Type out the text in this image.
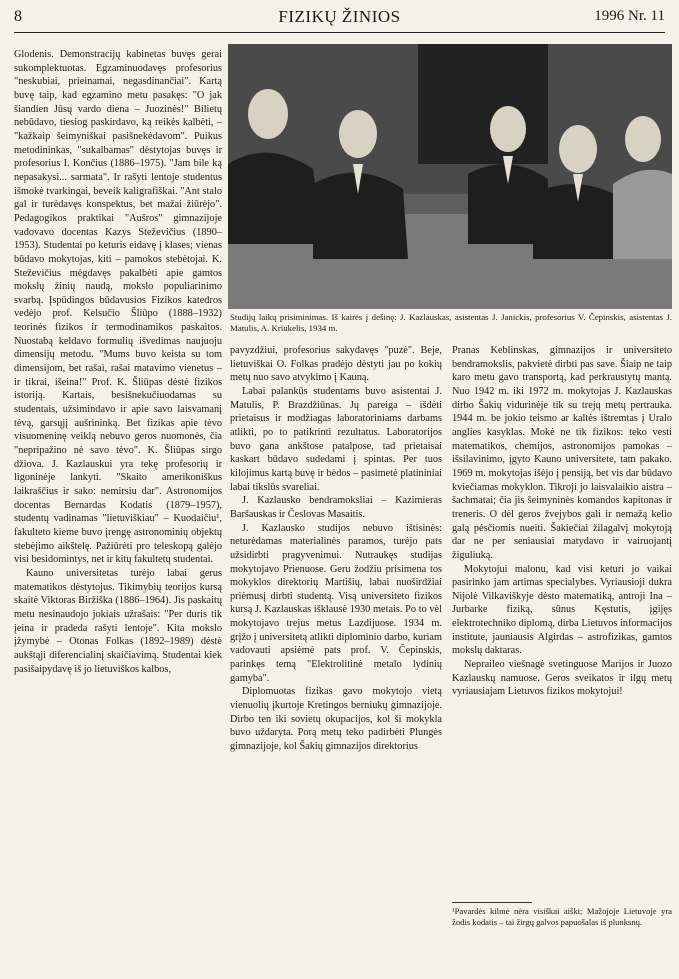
8	FIZIKŲ ŽINIOS	1996 Nr. 11

Glodenis. Demonstracijų kabinetas buvęs gerai sukomplektuotas. Egzaminuodavęs profesorius "neskubiai, prieinamai, negasdinančiai". Kartą buvę taip, kad egzamino metu pasakęs: "O jak šiandien Jūsų vardo diena – Juozinės!" Bilietų nebūdavo, tiesiog paskirdavo, ką reikės kalbėti, – "kažkaip šeimyniškai pasišnekėdavom". Puikus metodininkas, "sukalbamas" dėstytojas buvęs ir profesorius I. Končius (1886–1975). "Jam bile ką nepasakysi... sarmata". Ir rašyti lentoje studentus išmokė tvarkingai, beveik kaligrafiškai. "Ant stalo gal ir turėdavęs konspektus, bet mažai žiūrėjo". Pedagogikos praktikai "Aušros" gimnazijoje vadovavo docentas Kazys Steževičius (1890–1953). Studentai po keturis eidavę į klases; vienas būdavo mokytojas, kiti – pamokos stebėtojai. K. Steževičius mėgdavęs pakalbėti apie gamtos mokslų žinių naudą, mokslo populiarinimo svarbą. Įspūdingos būdavusios Fizikos katedros vedėjo prof. Kelsučio Šliūpo (1888–1932) teorinės fizikos ir termodinamikos paskaitos. Nuostabą keldavo formulių išvedimas naujuoju dimensijų metodu. "Mums buvo keista su tom dimensijom, bet rašai, rašai matavimo vienetus – ir tikrai, išeina!" Prof. K. Šliūpas dėstė fizikos istoriją. Kartais, besišnekučiuodamas su studentais, užsimindavo ir apie savo laisvamanį tėvą, garsųjį aušrininką. Bet fizikas apie tėvo visuomeninę veiklą nebuvo geros nuomonės, čia "nepripažino nė savo tėvo". K. Šliūpas sirgo džiova. J. Kazlauskui yra tekę profesorių ir ligoninėje lankyti. "Skaito amerikoniškus laikraščius ir sako: nemirsiu dar". Astronomijos docentas Bernardas Kodatis (1879–1957), studentų vadinamas "lietuviškiau" – Kuodaičiu¹, fakulteto kieme buvo įrengę astronominių objektų stebėjimo aikštelę. Pažiūrėti pro teleskopą galėjo visi besidomintys, net ir kitų fakultetų studentai.

Kauno universitetas turėjo labai gerus matematikos dėstytojus. Tikimybių teorijos kursą skaitė Viktoras Biržiška (1886–1964). Jis paskaitų metu nesinaudojo jokiais užrašais: "Per duris tik įeina ir pradeda rašyti lentoje". Kita mokslo įžymybė – Otonas Folkas (1892–1989) dėstė aukštąji diferencialinį skaičiavimą. Studentai kiek pasišaipydavę iš jo lietuviškos kalbos,

Studijų laikų prisiminimas. Iš kairės į dešinę: J. Kazlauskas, asistentas J. Janickis, profesorius V. Čepinskis, asistentas J. Matulis, A. Kriukelis, 1934 m.

pavyzdžiui, profesorius sakydavęs "puzė". Beje, lietuviškai O. Folkas pradėjo dėstyti jau po kokių metų nuo savo atvykimo į Kauną.

Labai palankūs studentams buvo asistentai J. Matulis, P. Brazdžiūnas. Jų pareiga – išdėti prietaisus ir modžiagas laboratoriniams darbams atlikti, po to patikrinti rezultatus. Laboratorijos buvo gana ankštose patalpose, tad prietaisai kaskart būdavo sudedami į spintas. Per tuos kilojimus kartą buvę ir bėdos – pasimetė platininiai labai tikslūs svareliai.

J. Kazlausko bendramoksliai – Kazimieras Baršauskas ir Česlovas Masaitis.

J. Kazlausko studijos nebuvo ištisinės: neturėdamas materialinės paramos, turėjo pats užsidirbti pragyvenimui. Nutraukęs studijas mokytojavo Prienuose. Geru žodžiu prisimena tos mokyklos direktorių Martišių, labai nuoširdžiai priėmusį dirbti studentą. Visą universiteto fizikos kursą J. Kazlauskas išklausė 1930 metais. Po to vėl mokytojavo trejus metus Lazdijuose. 1934 m. grįžo į universitetą atlikti diplominio darbo, kuriam vadovauti apsiėmė pats prof. V. Čepinskis, parinkęs temą "Elektrolitinė metalo lydinių gamyba".

Diplomuotas fizikas gavo mokytojo vietą vienuolių įkurtoje Kretingos berniukų gimnazijoje. Dirbo ten iki sovietų okupacijos, kol ši mokykla buvo uždaryta. Porą metų teko padirbėti Plungės gimnazijoje, kol Šakių gimnazijos direktorius

Pranas Keblinskas, gimnazijos ir universiteto bendramokslis, pakvietė dirbti pas save. Šiaip ne taip karo metu gavo transportą, kad perkraustytų mantą. Nuo 1942 m. iki 1972 m. mokytojas J. Kazlauskas dirbo Šakių vidurinėje tik su trejų metų pertrauka. 1944 m. be jokio teismo ar kaltės ištremtas į Uralo anglies kasyklas. Mokė ne tik fizikos: teko vesti matematikos, chemijos, astronomijos pamokas – išsilavinimo, įgyto Kauno universitete, tam pakako. 1969 m. mokytojas išėjo į pensiją, bet vis dar būdavo kviečiamas mokyklon. Tikroji jo laisvalaikio aistra – šachmatai; čia jis šeimyninės komandos kapitonas ir treneris. O dėl geros žvejybos gali ir nemažą kelio galą pėsčiomis nueiti. Šakiečiai žilagalvį mokytoją dar ne per seniausiai matydavo ir vairuojantį žiguliuką.

Mokytojui malonu, kad visi keturi jo vaikai pasirinko jam artimas specialybes. Vyriausioji dukra Nijolė Vilkaviškyje dėsto matematiką, antroji Ina – Jurbarke fiziką, sūnus Kęstutis, įgijęs elektrotechniko diplomą, dirba Lietuvos informacijos institute, jauniausis Algirdas – astrofizikas, gamtos mokslų daktaras.

Nepraileo viešnagė svetinguose Marijos ir Juozo Kazlauskų namuose. Geros sveikatos ir ilgų metų vyriausiajam Lietuvos fizikos mokytojui!

¹Pavardės kilmė nėra visiškai aiški; Mažojoje Lietuvoje yra žodis kodatis – tai žirgų galvos papuošalas iš plunksnų.
